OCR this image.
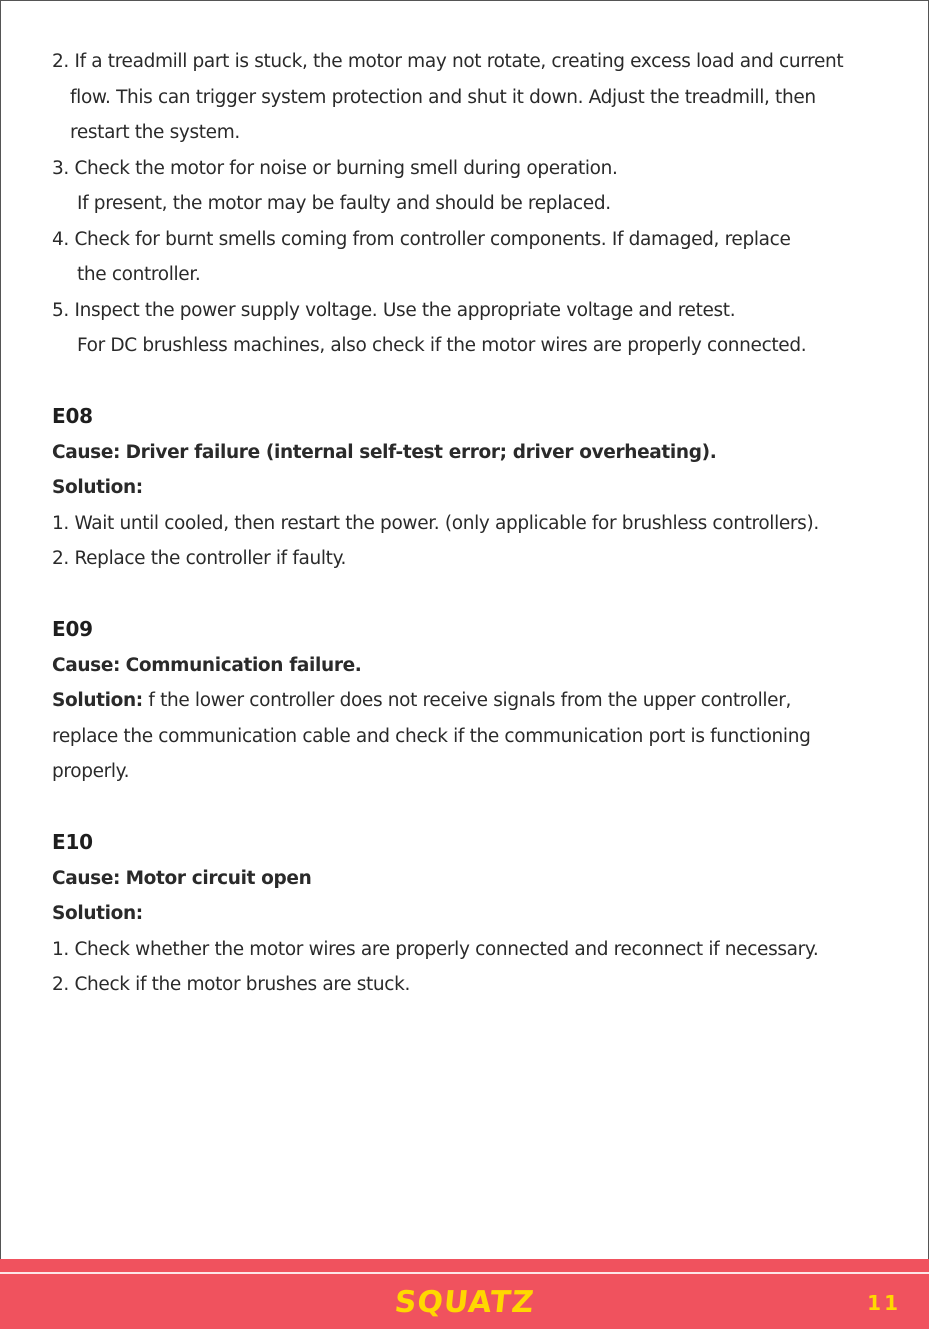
2. If a treadmill part is stuck, the motor may not rotate, creating excess load and current
flow. This can trigger system protection and shut it down. Adjust the treadmill, then
restart the system.
3. Check the motor for noise or burning smell during operation.
If present, the motor may be faulty and should be replaced.
4. Check for burnt smells coming from controller components. If damaged, replace
the controller.
5. Inspect the power supply voltage. Use the appropriate voltage and retest.
For DC brushless machines, also check if the motor wires are properly connected.
E08
Cause: Driver failure (internal self-test error; driver overheating).
Solution:
1. Wait until cooled, then restart the power. (only applicable for brushless controllers).
2. Replace the controller if faulty.
E09
Cause: Communication failure.
Solution: f the lower controller does not receive signals from the upper controller,
replace the communication cable and check if the communication port is functioning
properly.
E10
Cause: Motor circuit open
Solution:
1. Check whether the motor wires are properly connected and reconnect if necessary.
2. Check if the motor brushes are stuck.
SQUATZ	11
